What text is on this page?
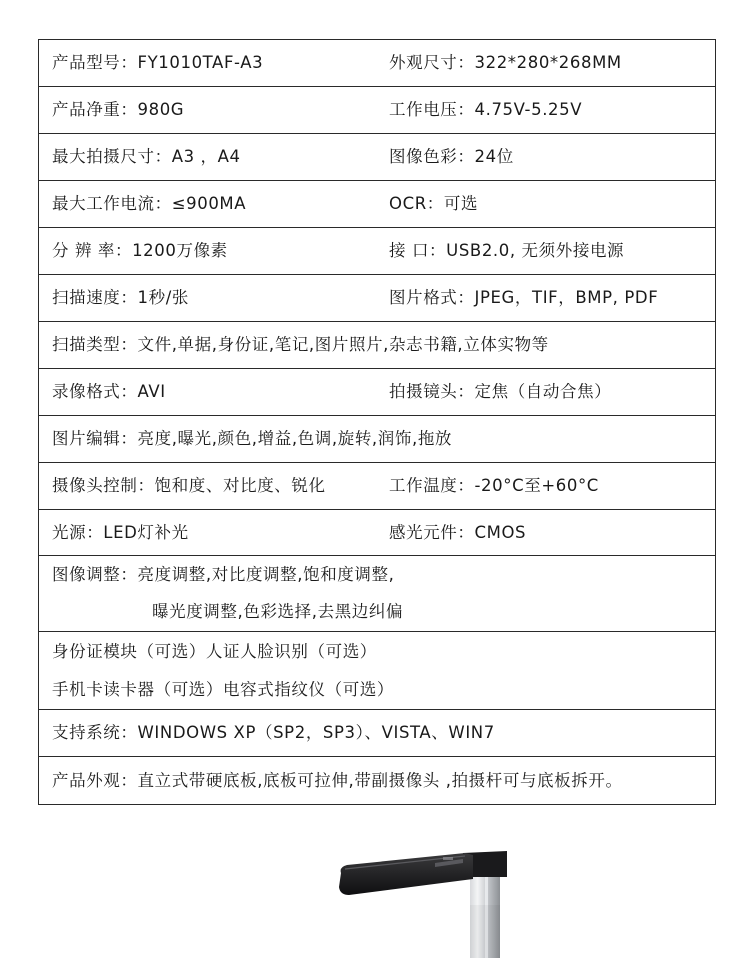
产品型号：FY1010TAF-A3	外观尺寸：322*280*268MM
产品净重：980G	工作电压：4.75V-5.25V
最大拍摄尺寸：A3 ，A4	图像色彩：24位
最大工作电流：≤900MA	OCR：可选
分 辨 率：1200万像素	接 口：USB2.0, 无须外接电源
扫描速度：1秒/张	图片格式：JPEG，TIF，BMP, PDF
扫描类型：文件,单据,身份证,笔记,图片照片,杂志书籍,立体实物等	
录像格式：AVI	拍摄镜头：定焦（自动合焦）
图片编辑：亮度,曝光,颜色,增益,色调,旋转,润饰,拖放	
摄像头控制：饱和度、对比度、锐化	工作温度：-20°C至+60°C
光源：LED灯补光	感光元件：CMOS

图像调整：亮度调整,对比度调整,饱和度调整,
曝光度调整,色彩选择,去黑边纠偏	

身份证模块（可选）人证人脸识别（可选）
手机卡读卡器（可选）电容式指纹仪（可选）	

支持系统：WINDOWS XP（SP2，SP3）、VISTA、WIN7	
产品外观：直立式带硬底板,底板可拉伸,带副摄像头 ,拍摄杆可与底板拆开。	
